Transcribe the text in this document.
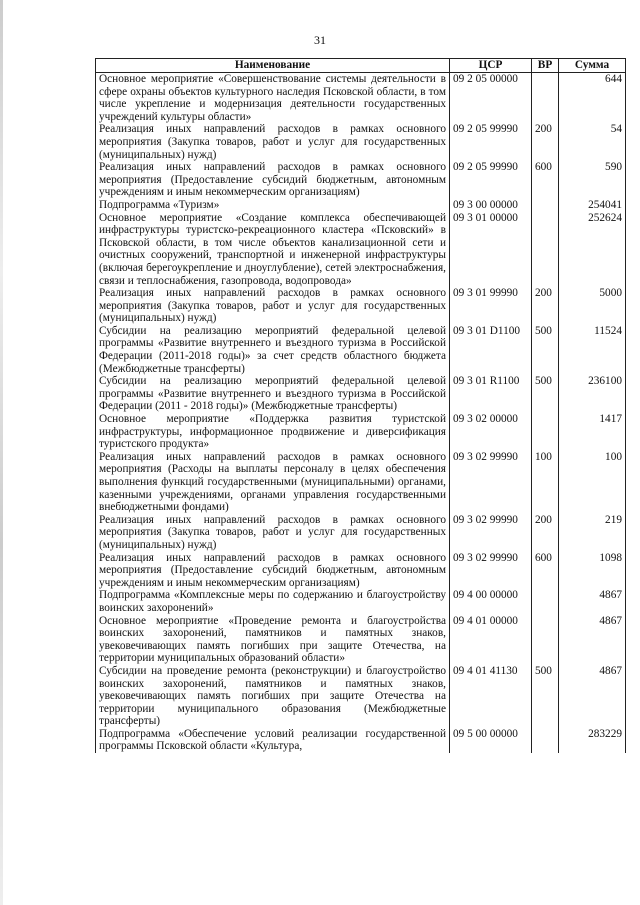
31
Наименование	ЦСР	ВР	Сумма
Основное мероприятие «Совершенствование системы деятельности в сфере охраны объектов культурного наследия Псковской области, в том числе укрепление и модернизация деятельности государственных учреждений культуры области»	09 2 05 00000		644
Реализация иных направлений расходов в рамках основного мероприятия (Закупка товаров, работ и услуг для государственных (муниципальных) нужд)	09 2 05 99990	200	54
Реализация иных направлений расходов в рамках основного мероприятия (Предоставление субсидий бюджетным, автономным учреждениям и иным некоммерческим организациям)	09 2 05 99990	600	590
Подпрограмма «Туризм»	09 3 00 00000		254041
Основное мероприятие «Создание комплекса обеспечивающей инфраструктуры туристско-рекреационного кластера «Псковский» в Псковской области, в том числе объектов канализационной сети и очистных сооружений, транспортной и инженерной инфраструктуры (включая берегоукрепление и дноуглубление), сетей электроснабжения, связи и теплоснабжения, газопровода, водопровода»	09 3 01 00000		252624
Реализация иных направлений расходов в рамках основного мероприятия (Закупка товаров, работ и услуг для государственных (муниципальных) нужд)	09 3 01 99990	200	5000
Субсидии на реализацию мероприятий федеральной целевой программы «Развитие внутреннего и въездного туризма в Российской Федерации (2011-2018 годы)» за счет средств областного бюджета (Межбюджетные трансферты)	09 3 01 D1100	500	11524
Субсидии на реализацию мероприятий федеральной целевой программы «Развитие внутреннего и въездного туризма в Российской Федерации (2011 - 2018 годы)» (Межбюджетные трансферты)	09 3 01 R1100	500	236100
Основное мероприятие «Поддержка развития туристской инфраструктуры, информационное продвижение и диверсификация туристского продукта»	09 3 02 00000		1417
Реализация иных направлений расходов в рамках основного мероприятия (Расходы на выплаты персоналу в целях обеспечения выполнения функций государственными (муниципальными) органами, казенными учреждениями, органами управления государственными внебюджетными фондами)	09 3 02 99990	100	100
Реализация иных направлений расходов в рамках основного мероприятия (Закупка товаров, работ и услуг для государственных (муниципальных) нужд)	09 3 02 99990	200	219
Реализация иных направлений расходов в рамках основного мероприятия (Предоставление субсидий бюджетным, автономным учреждениям и иным некоммерческим организациям)	09 3 02 99990	600	1098
Подпрограмма «Комплексные меры по содержанию и благоустройству воинских захоронений»	09 4 00 00000		4867
Основное мероприятие «Проведение ремонта и благоустройства воинских захоронений, памятников и памятных знаков, увековечивающих память погибших при защите Отечества, на территории муниципальных образований области»	09 4 01 00000		4867
Субсидии на проведение ремонта (реконструкции) и благоустройство воинских захоронений, памятников и памятных знаков, увековечивающих память погибших при защите Отечества на территории муниципального образования (Межбюджетные трансферты)	09 4 01 41130	500	4867
Подпрограмма «Обеспечение условий реализации государственной программы Псковской области «Культура,	09 5 00 00000		283229
